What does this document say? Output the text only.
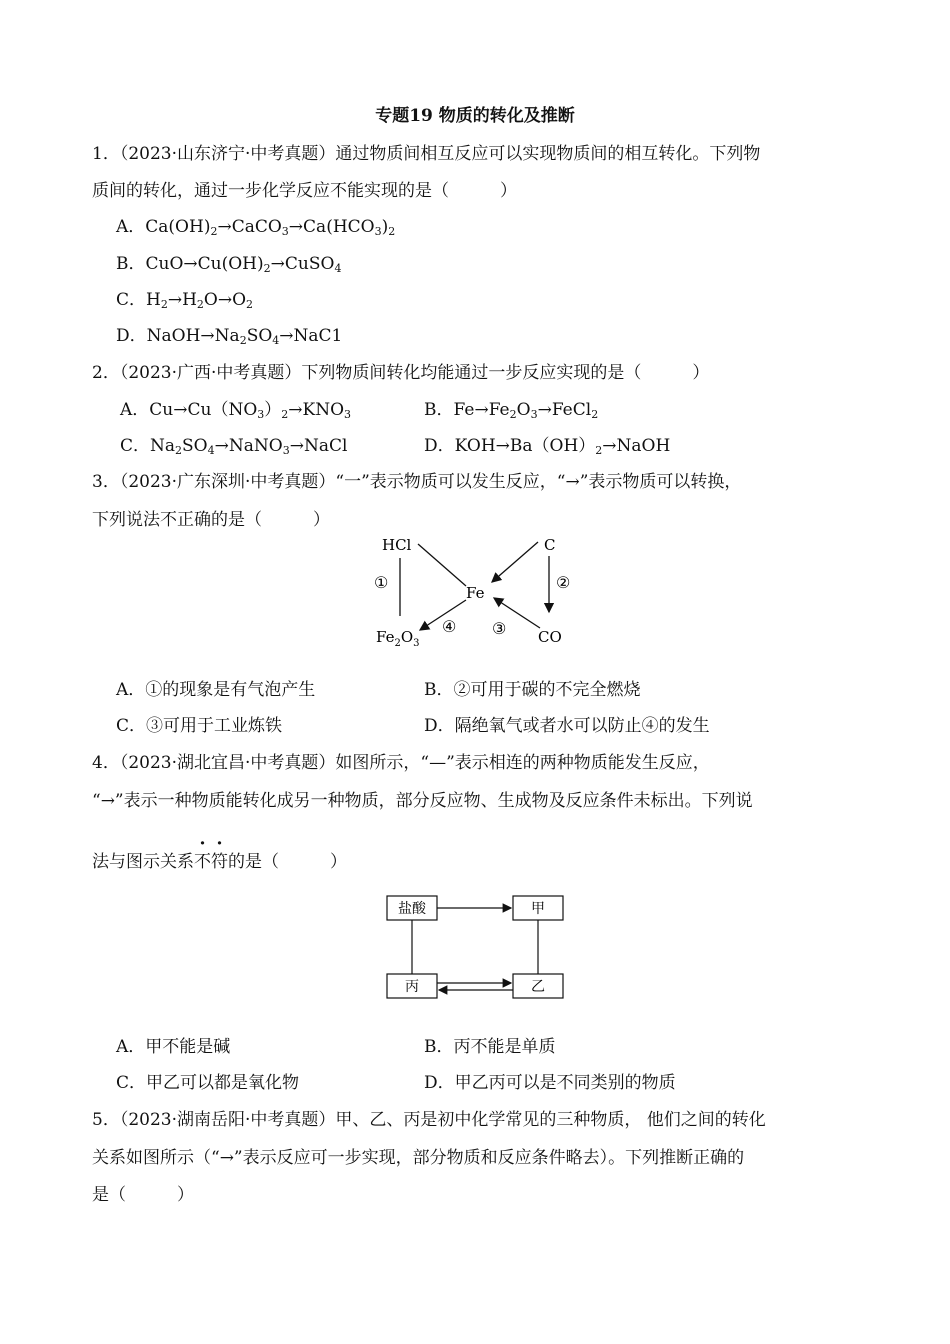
专题19 物质的转化及推断
1．（2023·山东济宁·中考真题）通过物质间相互反应可以实现物质间的相互转化。下列物
质间的转化，通过一步化学反应不能实现的是（　　　）
A．$Ca(OH)_2\to CaCO_3\to Ca(HCO_3)_2$
B．$CuO\to Cu(OH)_2\to CuSO_4$
C．$H_2\to H_2O\to O_2$
D．$NaOH\to Na_2SO_4\to NaC1$
2．（2023·广西·中考真题）下列物质间转化均能通过一步反应实现的是（　　　）
A．$Cu\to Cu(NO_3)_2\to KNO_3$	B．$Fe\to Fe_2O_3\to FeCl_2$
C．$Na_2SO_4\to NaNO_3\to NaCl$	D．$KOH\to Ba(OH)_2\to NaOH$
3．（2023·广东深圳·中考真题）“一”表示物质可以发生反应，“→”表示物质可以转换，
下列说法不正确的是（　　　）
HCl	C
Fe
$Fe_2O_3$	CO
①	②
③
④
A．①的现象是有气泡产生	B．②可用于碳的不完全燃烧
C．③可用于工业炼铁	D．隔绝氧气或者水可以防止④的发生
4．（2023·湖北宜昌·中考真题）如图所示，“—”表示相连的两种物质能发生反应，
“→”表示一种物质能转化成另一种物质，部分反应物、生成物及反应条件未标出。下列说
法与图示关系不符的是（　　　）
盐酸	甲
丙	乙
A．甲不能是碱	B．丙不能是单质
C．甲乙可以都是氧化物	D．甲乙丙可以是不同类别的物质
5．（2023·湖南岳阳·中考真题）甲、乙、丙是初中化学常见的三种物质， 他们之间的转化
关系如图所示（“→”表示反应可一步实现，部分物质和反应条件略去）。下列推断正确的
是（　　　）
